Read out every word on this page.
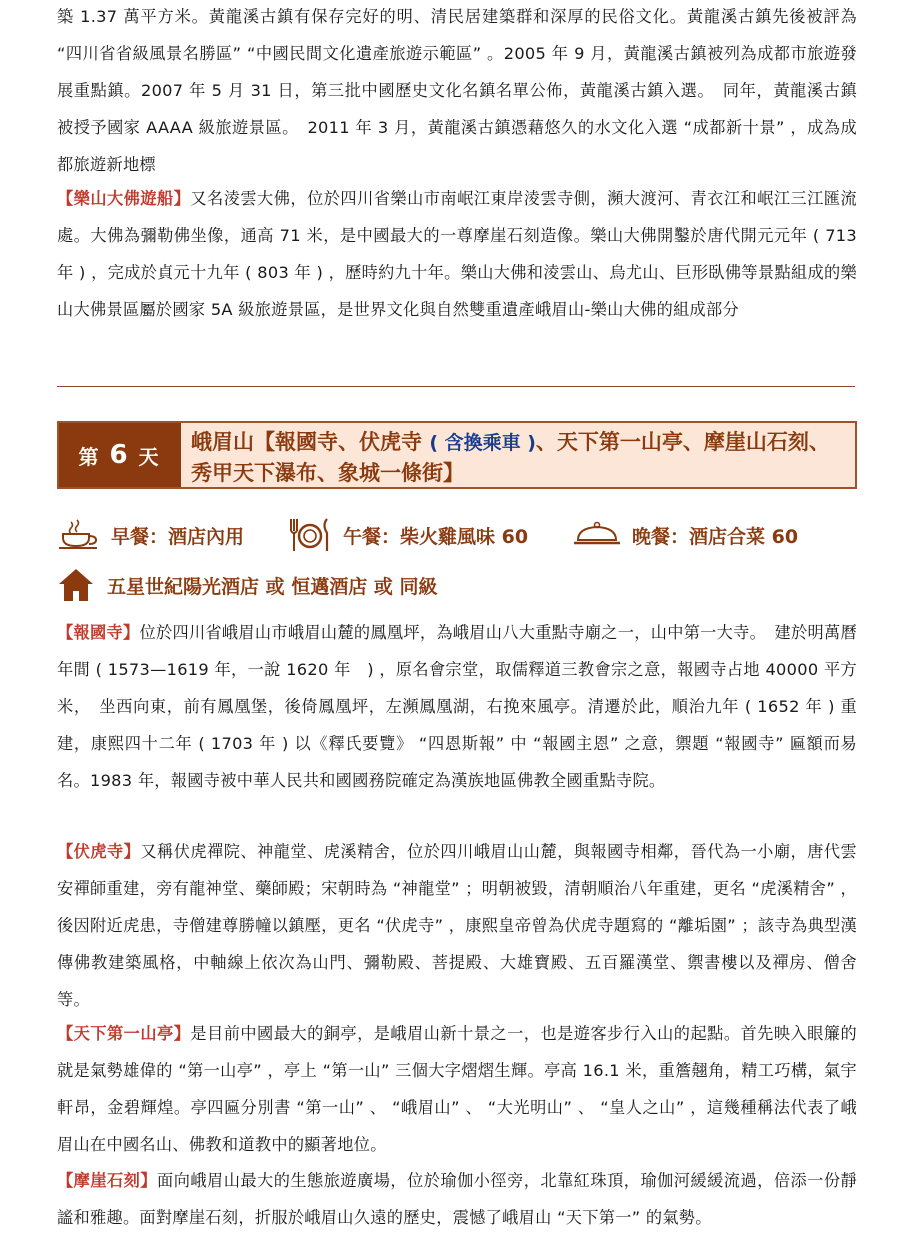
築 1.37 萬平方米。黃龍溪古鎮有保存完好的明、清民居建築群和深厚的民俗文化。黃龍溪古鎮先後被評為 “四川省省級風景名勝區” “中國民間文化遺產旅遊示範區” 。2005 年 9 月，黃龍溪古鎮被列為成都市旅遊發展重點鎮。2007 年 5 月 31 日，第三批中國歷史文化名鎮名單公佈，黃龍溪古鎮入選。　同年，黃龍溪古鎮被授予國家 AAAA 級旅遊景區。　2011 年 3 月，黃龍溪古鎮憑藉悠久的水文化入選 “成都新十景” ，成為成都旅遊新地標
【樂山大佛遊船】又名淩雲大佛，位於四川省樂山市南岷江東岸淩雲寺側，瀕大渡河、青衣江和岷江三江匯流處。大佛為彌勒佛坐像，通高 71 米，是中國最大的一尊摩崖石刻造像。樂山大佛開鑿於唐代開元元年 ( 713 年 ) ，完成於貞元十九年 ( 803 年 ) ，歷時約九十年。樂山大佛和淩雲山、烏尤山、巨形臥佛等景點組成的樂山大佛景區屬於國家 5A 級旅遊景區，是世界文化與自然雙重遺產峨眉山-樂山大佛的組成部分
第 6 天
峨眉山【報國寺、伏虎寺 ( 含換乘車 )、天下第一山亭、摩崖山石刻、秀甲天下瀑布、象城一條街】
早餐：酒店內用	午餐：柴火雞風味 60	晚餐：酒店合菜 60
五星世紀陽光酒店 或 恒邁酒店 或 同級
【報國寺】位於四川省峨眉山市峨眉山麓的鳳凰坪，為峨眉山八大重點寺廟之一，山中第一大寺。　建於明萬曆年間 ( 1573—1619 年，一說 1620 年　) ，原名會宗堂，取儒釋道三教會宗之意，報國寺占地 40000 平方米，　坐西向東，前有鳳凰堡，後倚鳳凰坪，左瀕鳳凰湖，右挽來風亭。清遷於此，順治九年 ( 1652 年 ) 重建，康熙四十二年 ( 1703 年 ) 以《釋氏要覽》 “四恩斯報” 中 “報國主恩” 之意，禦題 “報國寺” 匾額而易名。1983 年，報國寺被中華人民共和國國務院確定為漢族地區佛教全國重點寺院。
【伏虎寺】又稱伏虎禪院、神龍堂、虎溪精舍，位於四川峨眉山山麓，與報國寺相鄰，晉代為一小廟，唐代雲安禪師重建，旁有龍神堂、藥師殿；宋朝時為 “神龍堂” ；明朝被毀，清朝順治八年重建，更名 “虎溪精舍” ，後因附近虎患，寺僧建尊勝幢以鎮壓，更名 “伏虎寺” ，康熙皇帝曾為伏虎寺題寫的 “離垢園” ；該寺為典型漢傳佛教建築風格，中軸線上依次為山門、彌勒殿、菩提殿、大雄寶殿、五百羅漢堂、禦書樓以及禪房、僧舍等。
【天下第一山亭】是目前中國最大的銅亭，是峨眉山新十景之一，也是遊客步行入山的起點。首先映入眼簾的就是氣勢雄偉的 “第一山亭” ，亭上 “第一山” 三個大字熠熠生輝。亭高 16.1 米，重簷翹角，精工巧構，氣宇軒昂，金碧輝煌。亭四匾分別書 “第一山” 、 “峨眉山” 、 “大光明山” 、 “皇人之山” ，這幾種稱法代表了峨眉山在中國名山、佛教和道教中的顯著地位。
【摩崖石刻】面向峨眉山最大的生態旅遊廣場，位於瑜伽小徑旁，北靠紅珠頂，瑜伽河緩緩流過，倍添一份靜謐和雅趣。面對摩崖石刻，折服於峨眉山久遠的歷史，震憾了峨眉山 “天下第一” 的氣勢。
